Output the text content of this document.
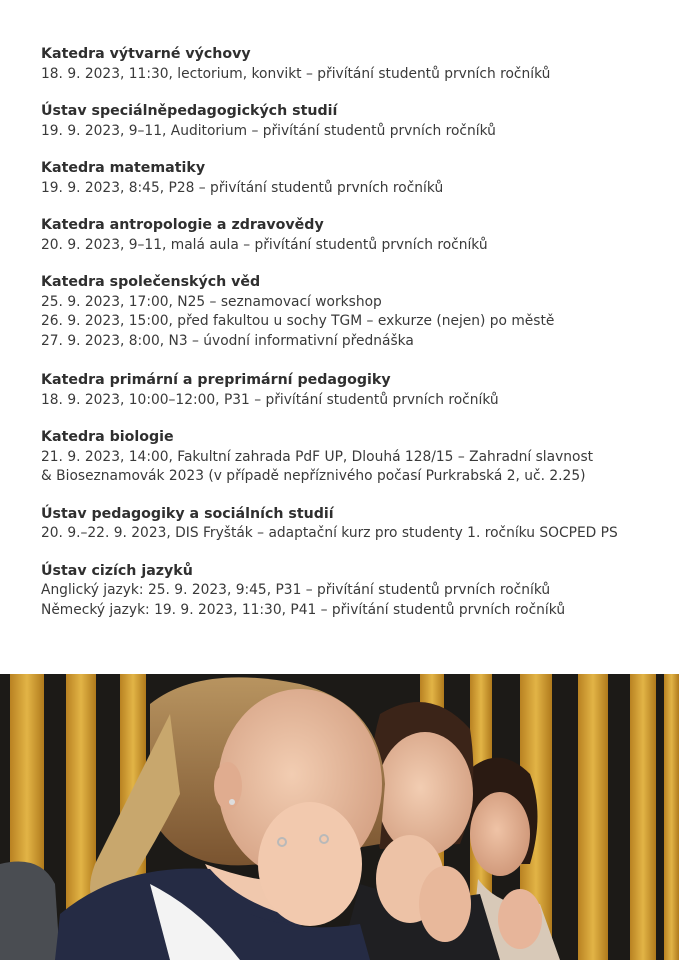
Katedra výtvarné výchovy
18. 9. 2023, 11:30, lectorium, konvikt – přivítání studentů prvních ročníků
Ústav speciálněpedagogických studií
19. 9. 2023, 9–11, Auditorium – přivítání studentů prvních ročníků
Katedra matematiky
19. 9. 2023, 8:45, P28 – přivítání studentů prvních ročníků
Katedra antropologie a zdravovědy
20. 9. 2023, 9–11, malá aula – přivítání studentů prvních ročníků
Katedra společenských věd
25. 9. 2023, 17:00, N25 – seznamovací workshop
26. 9. 2023, 15:00, před fakultou u sochy TGM – exkurze (nejen) po městě
27. 9. 2023, 8:00, N3 – úvodní informativní přednáška
Katedra primární a preprimární pedagogiky
18. 9. 2023, 10:00–12:00, P31 – přivítání studentů prvních ročníků
Katedra biologie
21. 9. 2023, 14:00, Fakultní zahrada PdF UP, Dlouhá 128/15 – Zahradní slavnost
& Bioseznamovák 2023 (v případě nepříznivého počasí Purkrabská 2, uč. 2.25)
Ústav pedagogiky a sociálních studií
20. 9.–22. 9. 2023, DIS Fryšták – adaptační kurz pro studenty 1. ročníku SOCPED PS
Ústav cizích jazyků
Anglický jazyk: 25. 9. 2023, 9:45, P31 – přivítání studentů prvních ročníků
Německý jazyk: 19. 9. 2023, 11:30, P41 – přivítání studentů prvních ročníků
